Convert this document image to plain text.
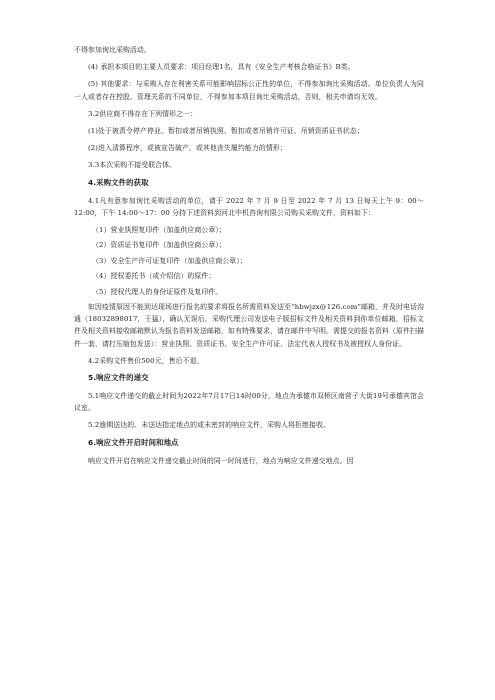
不得参加询比采购活动。

(4) 承担本项目的主要人员要求：项目经理1名，具有《安全生产考核合格证书》B类。

(5) 其他要求：与采购人存在利害关系可能影响招标公正性的单位，不得参加询比采购活动。单位负责人为同一人或者存在控股、管理关系的不同单位，不得参加本项目询比采购活动，否则，相关申请均无效。

3.2供应商不得存在下列情形之一：

(1)处于被责令停产停业、暂扣或者吊销执照、暂扣或者吊销许可证、吊销资质证书状态；

(2)进入清算程序，或被宣告破产，或其他丧失履约能力的情形；

3.3本次采购不接受联合体。

4.采购文件的获取

4.1凡有意参加询比采购活动的单位，请于 2022 年 7 月 9 日至 2022 年 7 月 13 日每天上午 9：00～12:00，下午 14:00～17：00 分持下述资料到河北中机咨询有限公司购买采购文件，资料如下：

（1）营业执照复印件（加盖供应商公章）；

（2）资质证书复印件（加盖供应商公章）；

（3）安全生产许可证复印件（加盖供应商公章）；

（4）授权委托书（或介绍信）的原件；

（5）授权代理人的身份证原件及复印件。

如因疫情原因不能到达现场进行报名的要求将报名所需资料发送至“hbwjzx@126.com”邮箱，并及时电话沟通（18032898017，王猛），确认无误后，采购代理公司发送电子版招标文件及相关资料到你单位邮箱，招标文件及相关资料接收邮箱默认为报名资料发送邮箱，如有特殊要求，请在邮件中写明。需提交的报名资料（原件扫描件一套，请打压缩包发送）：营业执照、资质证书、安全生产许可证、法定代表人授权书及被授权人身份证。

4.2采购文件售价500元，售后不退。

5.响应文件的递交

5.1响应文件递交的截止时间为2022年7月17日14时00分，地点为承德市双桥区南营子大街19号承德宾馆会议室。

5.2逾期送达的、未送达指定地点的或未密封的响应文件，采购人将拒绝接收。

6.响应文件开启时间和地点

响应文件开启在响应文件递交截止时间的同一时间进行，地点为响应文件递交地点。因
